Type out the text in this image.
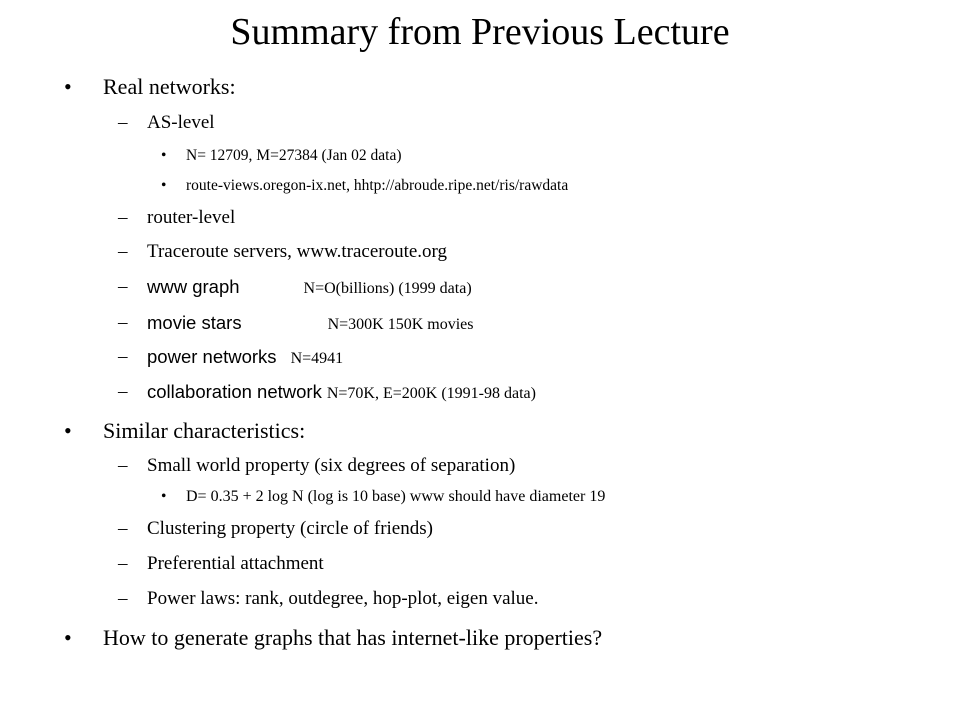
Summary from Previous Lecture
• Real networks:
– AS-level
• N= 12709, M=27384 (Jan 02 data)
• route-views.oregon-ix.net, hhtp://abroude.ripe.net/ris/rawdata
– router-level
– Traceroute servers, www.traceroute.org
– www graph	N=O(billions) (1999 data)
– movie stars	N=300K 150K movies
– power networks N=4941
– collaboration network N=70K, E=200K (1991-98 data)
• Similar characteristics:
– Small world property (six degrees of separation)
• D= 0.35 + 2 log N (log is 10 base) www should have diameter 19
– Clustering property (circle of friends)
– Preferential attachment
– Power laws: rank, outdegree, hop-plot, eigen value.
• How to generate graphs that has internet-like properties?
